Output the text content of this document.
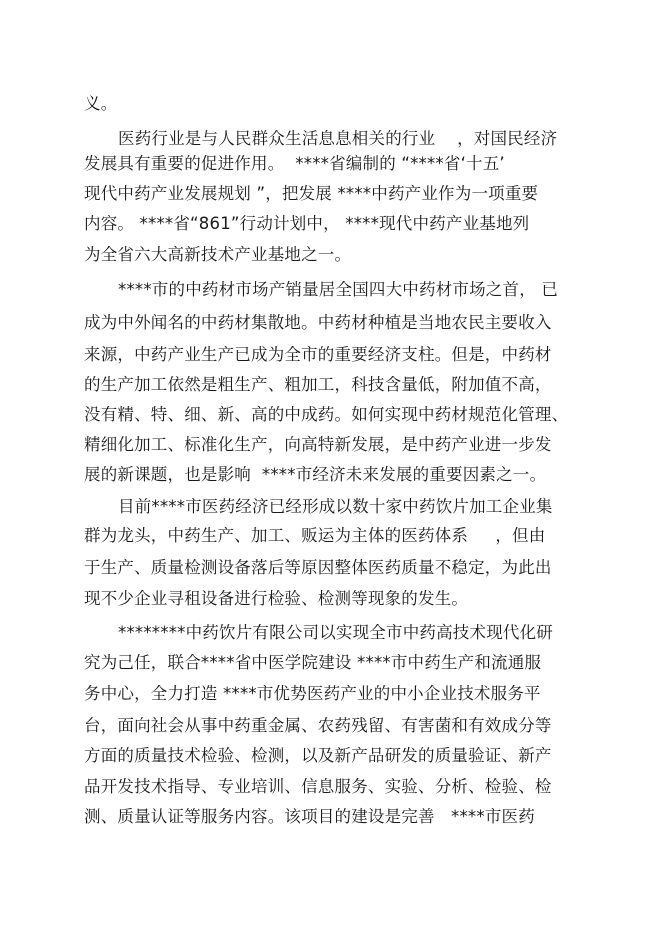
义。
医药行业是与人民群众生活息息相关的行业    ，对国民经济
发展具有重要的促进作用。  ****省编制的 “****省‘十五’
现代中药产业发展规划 ”，把发展 ****中药产业作为一项重要
内容。 ****省“861”行动计划中， ****现代中药产业基地列
为全省六大高新技术产业基地之一。
****市的中药材市场产销量居全国四大中药材市场之首， 已
成为中外闻名的中药材集散地。中药材种植是当地农民主要收入
来源，中药产业生产已成为全市的重要经济支柱。但是，中药材
的生产加工依然是粗生产、粗加工，科技含量低，附加值不高，
没有精、特、细、新、高的中成药。如何实现中药材规范化管理、
精细化加工、标准化生产，向高特新发展，是中药产业进一步发
展的新课题，也是影响  ****市经济未来发展的重要因素之一。
目前****市医药经济已经形成以数十家中药饮片加工企业集
群为龙头，中药生产、加工、贩运为主体的医药体系     ，但由
于生产、质量检测设备落后等原因整体医药质量不稳定，为此出
现不少企业寻租设备进行检验、检测等现象的发生。
********中药饮片有限公司以实现全市中药高技术现代化研
究为己任，联合****省中医学院建设 ****市中药生产和流通服
务中心，全力打造 ****市优势医药产业的中小企业技术服务平
台，面向社会从事中药重金属、农药残留、有害菌和有效成分等
方面的质量技术检验、检测，以及新产品研发的质量验证、新产
品开发技术指导、专业培训、信息服务、实验、分析、检验、检
测、质量认证等服务内容。该项目的建设是完善   ****市医药
